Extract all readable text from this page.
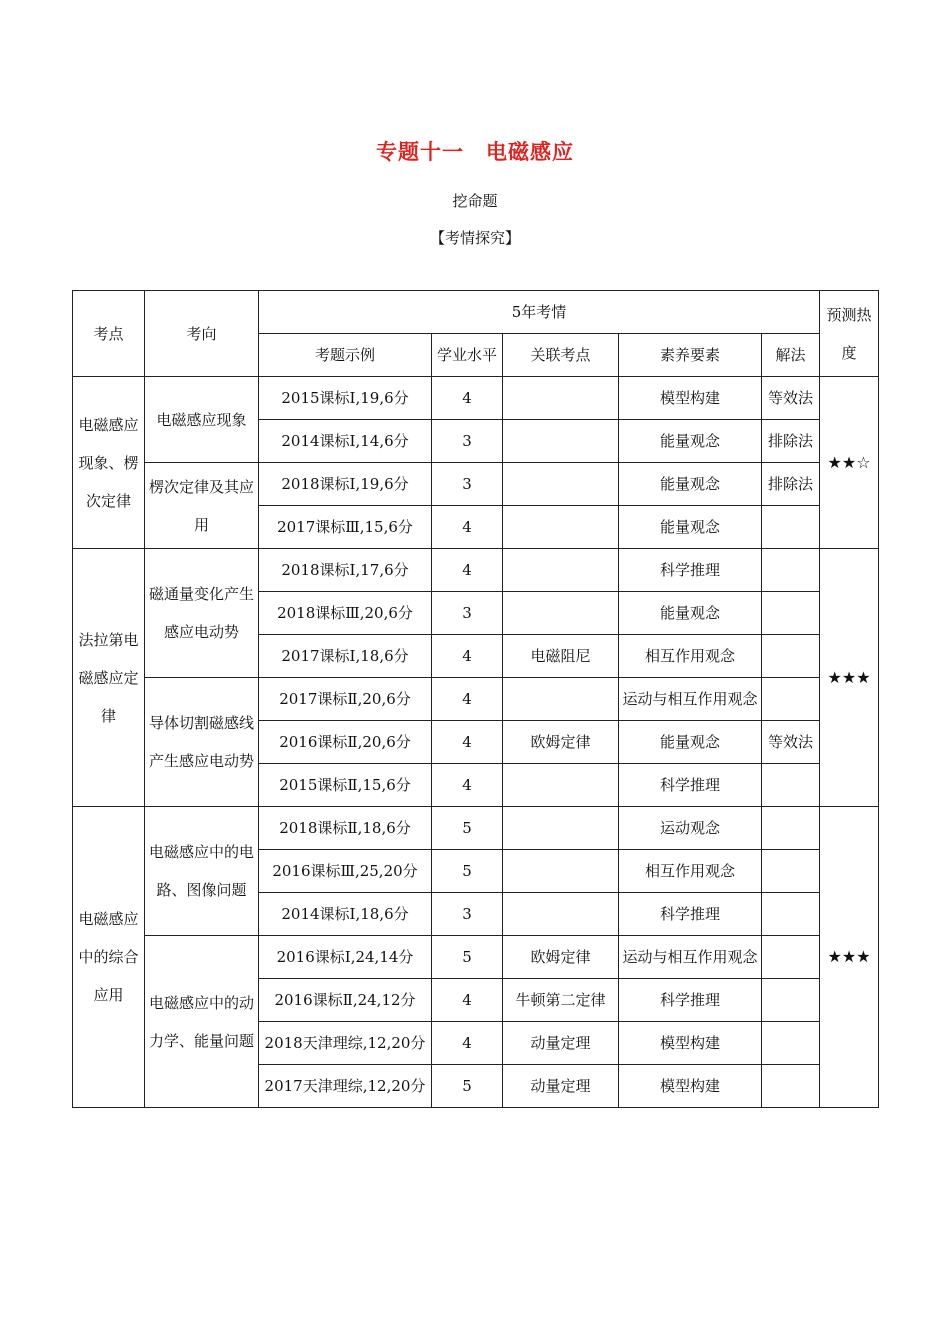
专题十一　电磁感应
挖命题
【考情探究】
考点	考向	5年考情					预测热度
		考题示例	学业水平	关联考点	素养要素	解法	
电磁感应现象、楞次定律	电磁感应现象	2015课标Ⅰ,19,6分	4		模型构建	等效法	★★☆
		2014课标Ⅰ,14,6分	3		能量观念	排除法	
	楞次定律及其应用	2018课标Ⅰ,19,6分	3		能量观念	排除法	
		2017课标Ⅲ,15,6分	4		能量观念		
法拉第电磁感应定律	磁通量变化产生感应电动势	2018课标Ⅰ,17,6分	4		科学推理		★★★
		2018课标Ⅲ,20,6分	3		能量观念		
		2017课标Ⅰ,18,6分	4	电磁阻尼	相互作用观念		
	导体切割磁感线产生感应电动势	2017课标Ⅱ,20,6分	4		运动与相互作用观念		
		2016课标Ⅱ,20,6分	4	欧姆定律	能量观念	等效法	
		2015课标Ⅱ,15,6分	4		科学推理		
电磁感应中的综合应用	电磁感应中的电路、图像问题	2018课标Ⅱ,18,6分	5		运动观念		★★★
		2016课标Ⅲ,25,20分	5		相互作用观念		
		2014课标Ⅰ,18,6分	3		科学推理		
	电磁感应中的动力学、能量问题	2016课标Ⅰ,24,14分	5	欧姆定律	运动与相互作用观念		
		2016课标Ⅱ,24,12分	4	牛顿第二定律	科学推理		
		2018天津理综,12,20分	4	动量定理	模型构建		
		2017天津理综,12,20分	5	动量定理	模型构建		
